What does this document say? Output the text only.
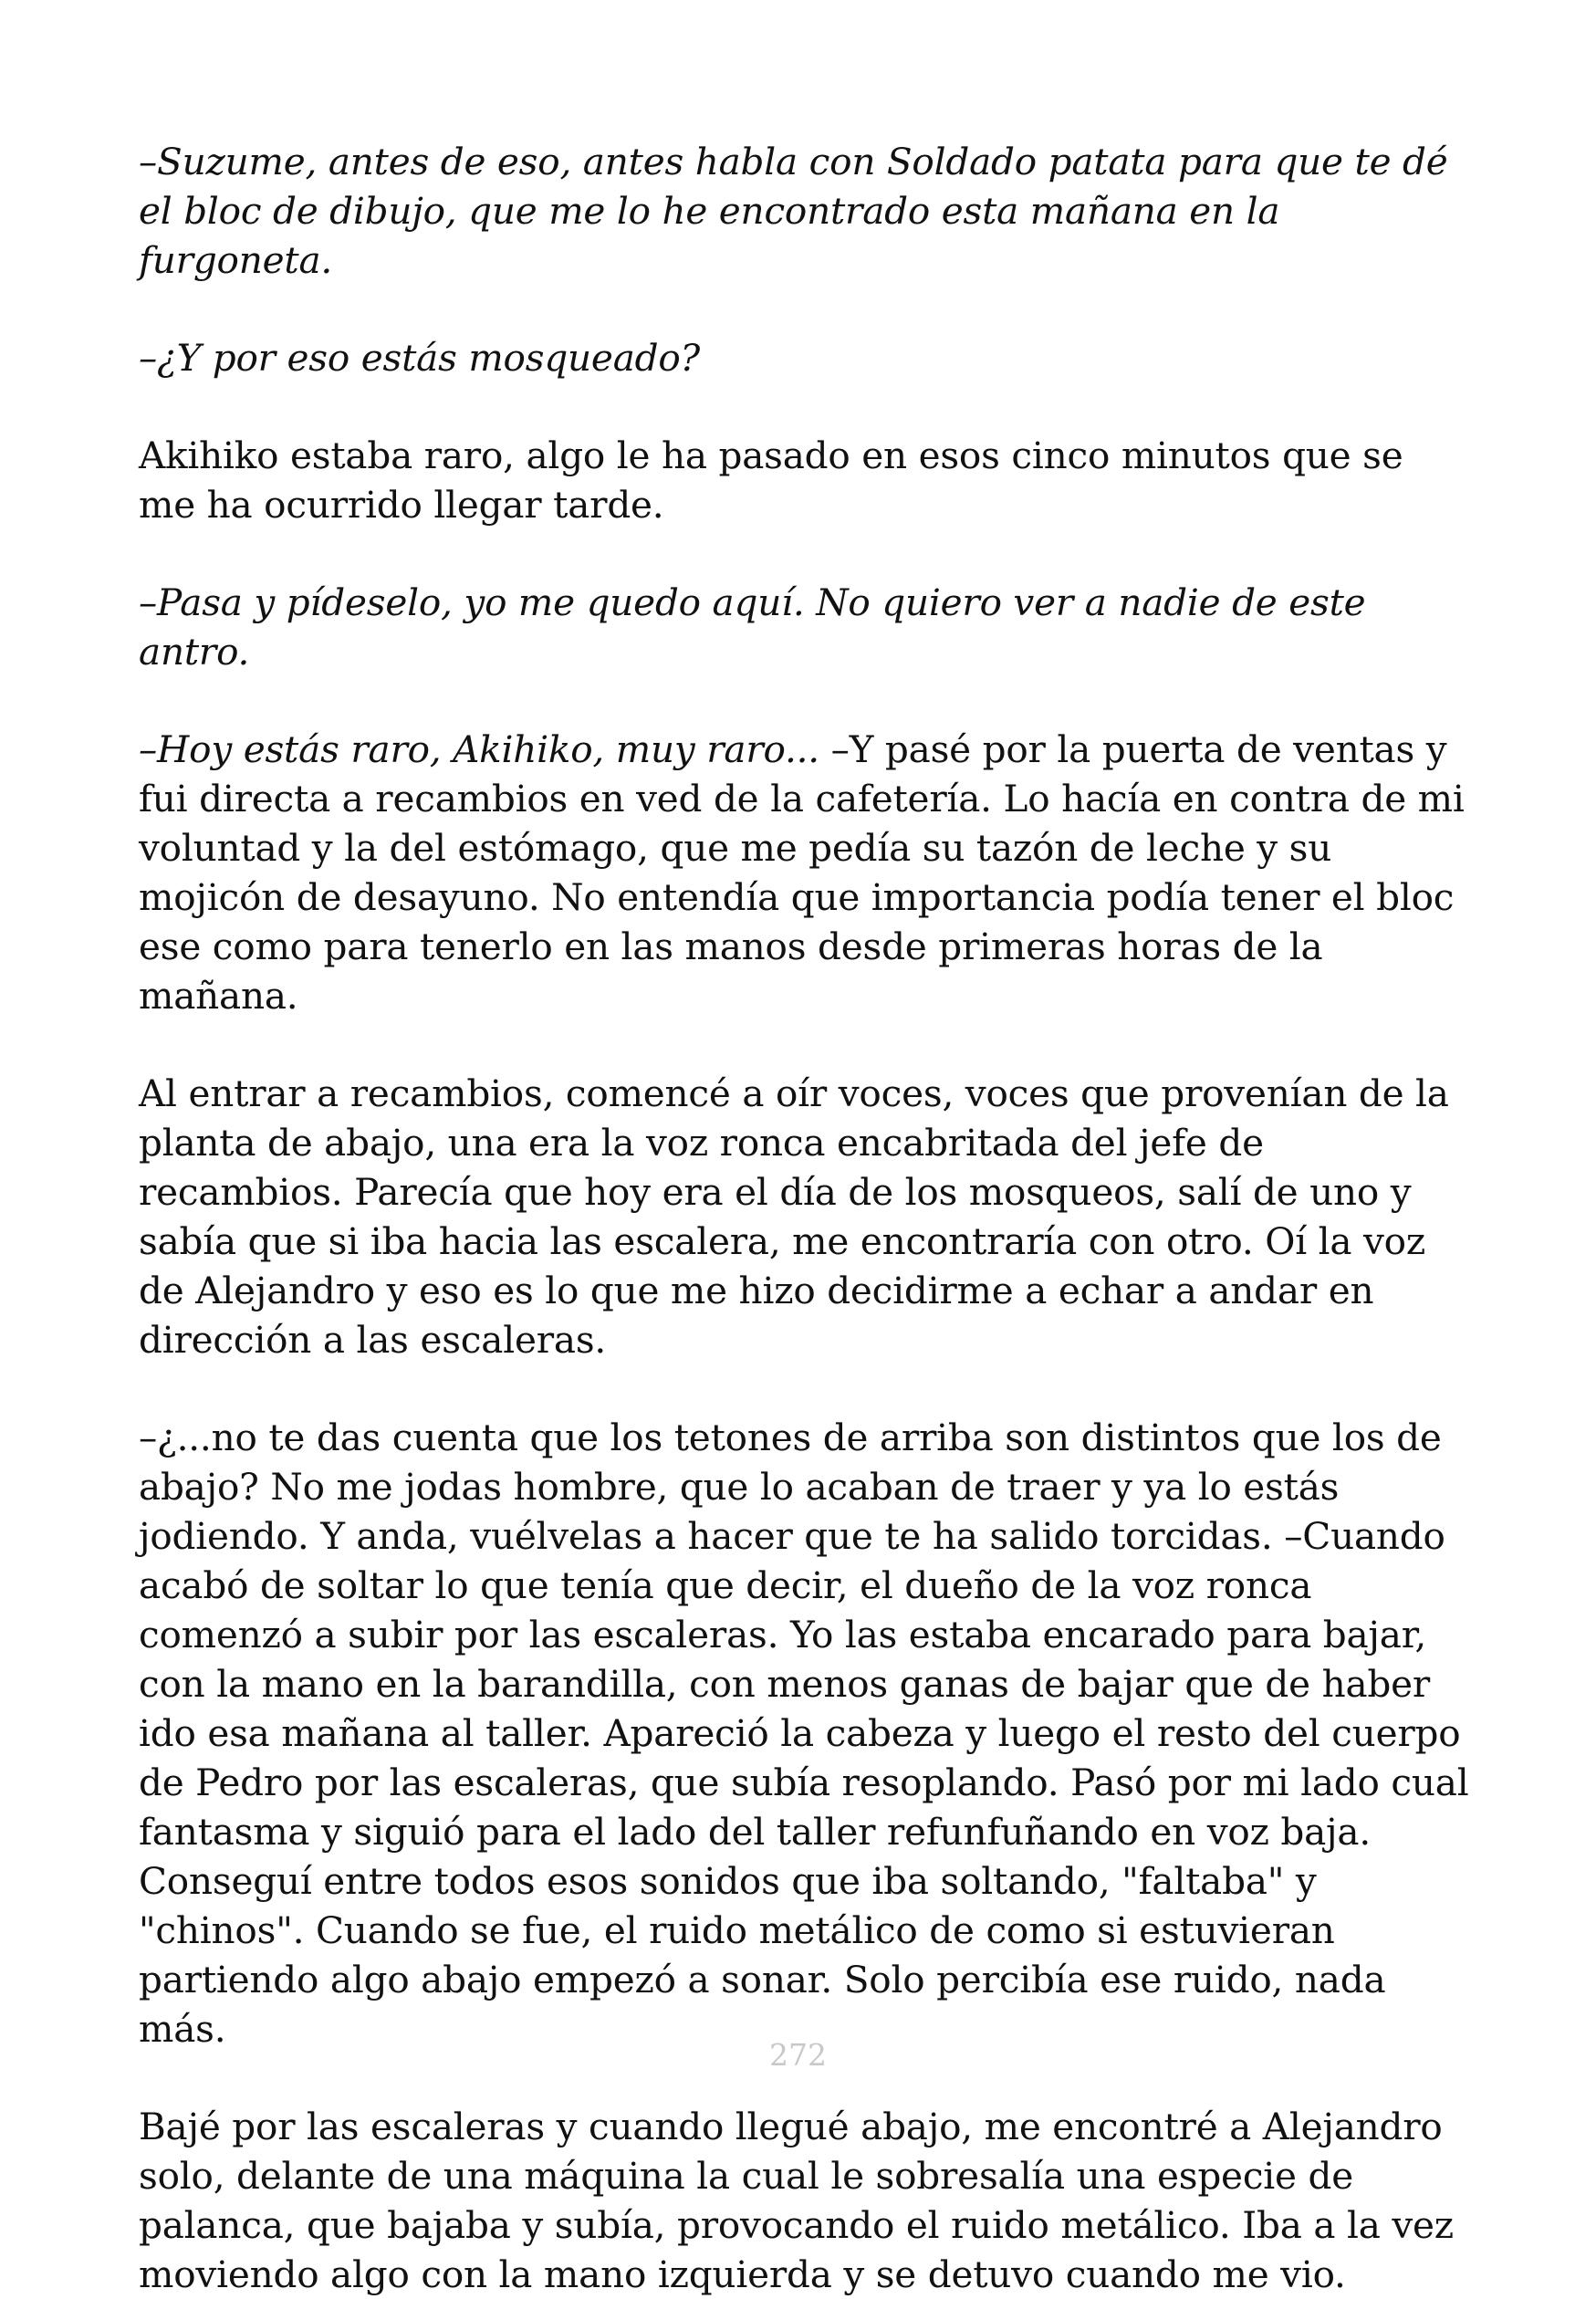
–Suzume, antes de eso, antes habla con Soldado patata para que te dé el bloc de dibujo, que me lo he encontrado esta mañana en la furgoneta.

–¿Y por eso estás mosqueado?

Akihiko estaba raro, algo le ha pasado en esos cinco minutos que se me ha ocurrido llegar tarde.

–Pasa y pídeselo, yo me quedo aquí. No quiero ver a nadie de este antro.

–Hoy estás raro, Akihiko, muy raro... –Y pasé por la puerta de ventas y fui directa a recambios en ved de la cafetería. Lo hacía en contra de mi voluntad y la del estómago, que me pedía su tazón de leche y su mojicón de desayuno. No entendía que importancia podía tener el bloc ese como para tenerlo en las manos desde primeras horas de la mañana.

Al entrar a recambios, comencé a oír voces, voces que provenían de la planta de abajo, una era la voz ronca encabritada del jefe de recambios. Parecía que hoy era el día de los mosqueos, salí de uno y sabía que si iba hacia las escalera, me encontraría con otro. Oí la voz de Alejandro y eso es lo que me hizo decidirme a echar a andar en dirección a las escaleras.

–¿...no te das cuenta que los tetones de arriba son distintos que los de abajo? No me jodas hombre, que lo acaban de traer y ya lo estás jodiendo. Y anda, vuélvelas a hacer que te ha salido torcidas. –Cuando acabó de soltar lo que tenía que decir, el dueño de la voz ronca comenzó a subir por las escaleras. Yo las estaba encarado para bajar, con la mano en la barandilla, con menos ganas de bajar que de haber ido esa mañana al taller. Apareció la cabeza y luego el resto del cuerpo de Pedro por las escaleras, que subía resoplando. Pasó por mi lado cual fantasma y siguió para el lado del taller refunfuñando en voz baja. Conseguí entre todos esos sonidos que iba soltando, "faltaba" y "chinos". Cuando se fue, el ruido metálico de como si estuvieran partiendo algo abajo empezó a sonar. Solo percibía ese ruido, nada más.

Bajé por las escaleras y cuando llegué abajo, me encontré a Alejandro solo, delante de una máquina la cual le sobresalía una especie de palanca, que bajaba y subía, provocando el ruido metálico. Iba a la vez moviendo algo con la mano izquierda y se detuvo cuando me vio.

272
